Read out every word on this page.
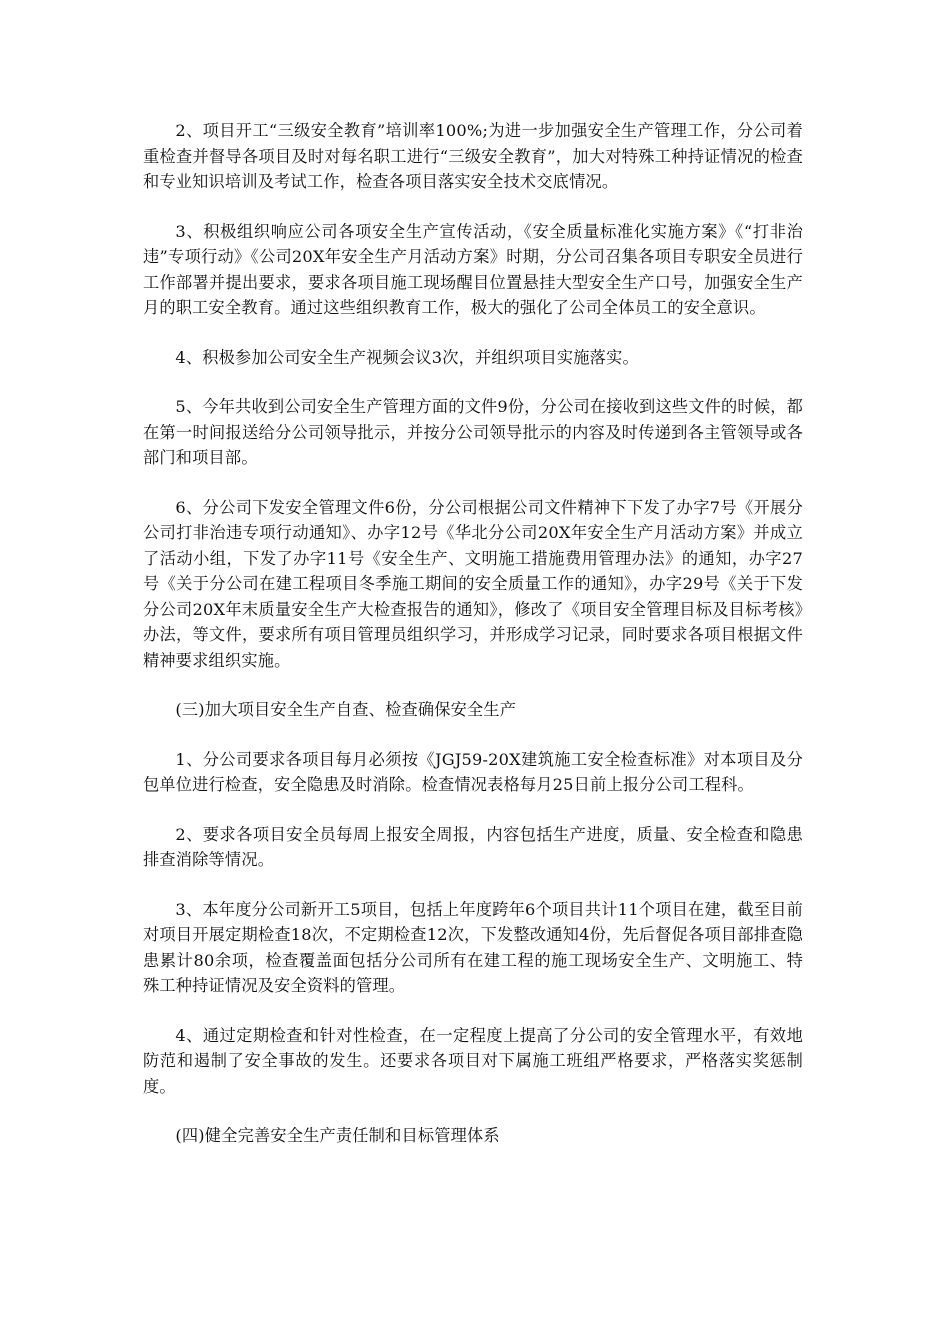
2、项目开工“三级安全教育”培训率100%;为进一步加强安全生产管理工作，分公司着重检查并督导各项目及时对每名职工进行“三级安全教育”，加大对特殊工种持证情况的检查和专业知识培训及考试工作，检查各项目落实安全技术交底情况。

3、积极组织响应公司各项安全生产宣传活动，《安全质量标准化实施方案》《“打非治违”专项行动》《公司20X年安全生产月活动方案》时期，分公司召集各项目专职安全员进行工作部署并提出要求，要求各项目施工现场醒目位置悬挂大型安全生产口号，加强安全生产月的职工安全教育。通过这些组织教育工作，极大的强化了公司全体员工的安全意识。

4、积极参加公司安全生产视频会议3次，并组织项目实施落实。

5、今年共收到公司安全生产管理方面的文件9份，分公司在接收到这些文件的时候，都在第一时间报送给分公司领导批示，并按分公司领导批示的内容及时传递到各主管领导或各部门和项目部。

6、分公司下发安全管理文件6份，分公司根据公司文件精神下下发了办字7号《开展分公司打非治违专项行动通知》、办字12号《华北分公司20X年安全生产月活动方案》并成立了活动小组，下发了办字11号《安全生产、文明施工措施费用管理办法》的通知，办字27号《关于分公司在建工程项目冬季施工期间的安全质量工作的通知》，办字29号《关于下发分公司20X年末质量安全生产大检查报告的通知》，修改了《项目安全管理目标及目标考核》办法，等文件，要求所有项目管理员组织学习，并形成学习记录，同时要求各项目根据文件精神要求组织实施。

(三)加大项目安全生产自查、检查确保安全生产

1、分公司要求各项目每月必须按《JGJ59-20X建筑施工安全检查标准》对本项目及分包单位进行检查，安全隐患及时消除。检查情况表格每月25日前上报分公司工程科。

2、要求各项目安全员每周上报安全周报，内容包括生产进度，质量、安全检查和隐患排查消除等情况。

3、本年度分公司新开工5项目，包括上年度跨年6个项目共计11个项目在建，截至目前对项目开展定期检查18次，不定期检查12次，下发整改通知4份，先后督促各项目部排查隐患累计80余项，检查覆盖面包括分公司所有在建工程的施工现场安全生产、文明施工、特殊工种持证情况及安全资料的管理。

4、通过定期检查和针对性检查，在一定程度上提高了分公司的安全管理水平，有效地防范和遏制了安全事故的发生。还要求各项目对下属施工班组严格要求，严格落实奖惩制度。

(四)健全完善安全生产责任制和目标管理体系
